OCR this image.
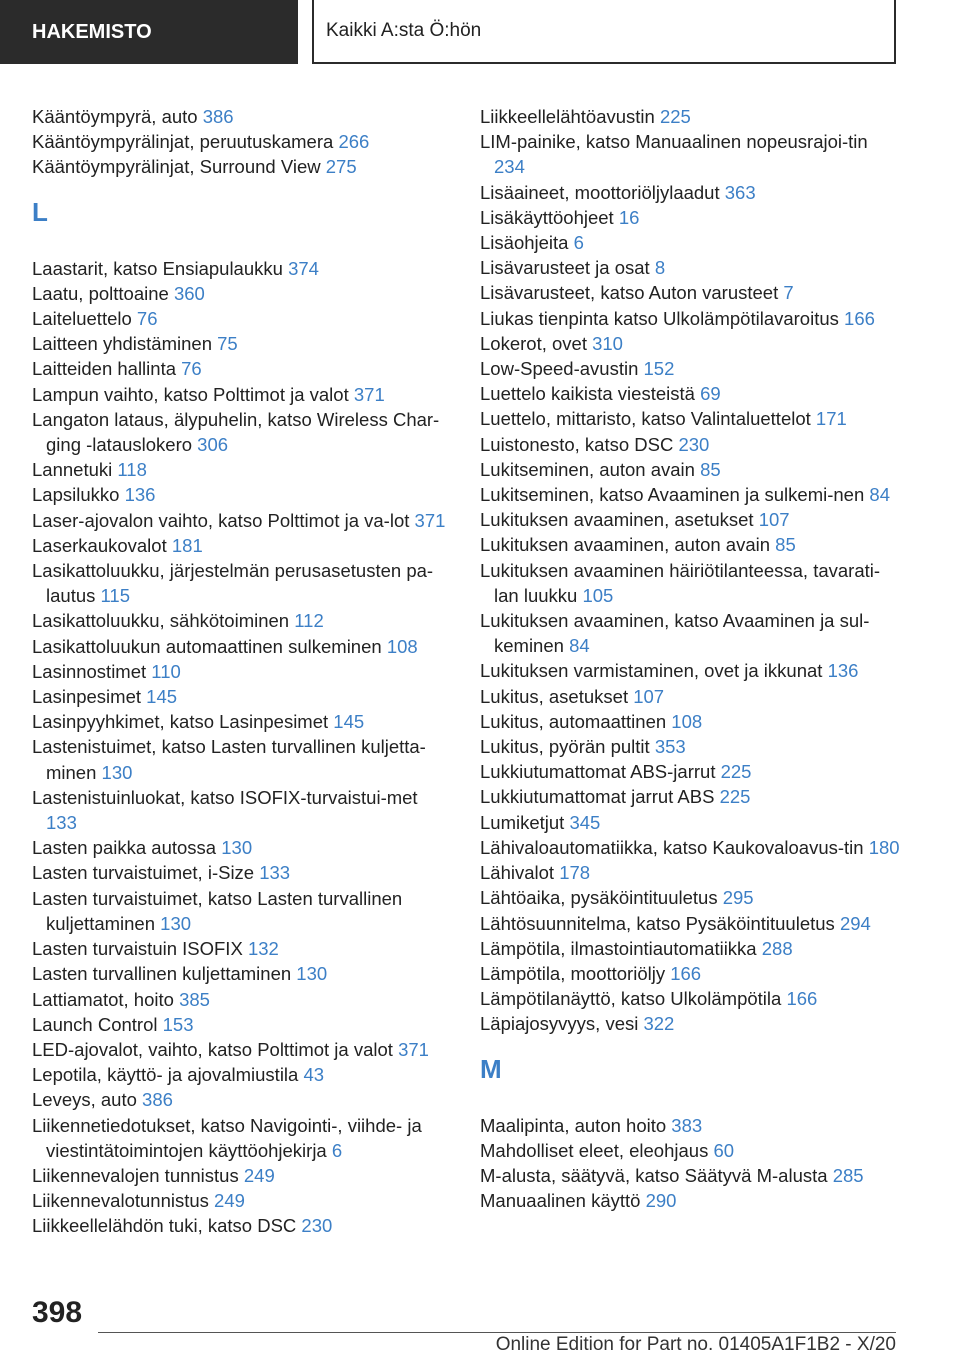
HAKEMISTO	Kaikki A:sta Ö:hön
Kääntöympyrä, auto 386
Kääntöympyrälinjat, peruutuskamera 266
Kääntöympyrälinjat, Surround View 275
L
Laastarit, katso Ensiapulaukku 374
Laatu, polttoaine 360
Laiteluettelo 76
Laitteen yhdistäminen 75
Laitteiden hallinta 76
Lampun vaihto, katso Polttimot ja valot 371
Langaton lataus, älypuhelin, katso Wireless Char-ging -latauslokero 306
Lannetuki 118
Lapsilukko 136
Laser-ajovalon vaihto, katso Polttimot ja va-lot 371
Laserkaukovalot 181
Lasikattoluukku, järjestelmän perusasetusten pa-lautus 115
Lasikattoluukku, sähkötoiminen 112
Lasikattoluukun automaattinen sulkeminen 108
Lasinnostimet 110
Lasinpesimet 145
Lasinpyyhkimet, katso Lasinpesimet 145
Lastenistuimet, katso Lasten turvallinen kuljetta-minen 130
Lastenistuinluokat, katso ISOFIX-turvaistui-met 133
Lasten paikka autossa 130
Lasten turvaistuimet, i-Size 133
Lasten turvaistuimet, katso Lasten turvallinen kuljettaminen 130
Lasten turvaistuin ISOFIX 132
Lasten turvallinen kuljettaminen 130
Lattiamatot, hoito 385
Launch Control 153
LED-ajovalot, vaihto, katso Polttimot ja valot 371
Lepotila, käyttö- ja ajovalmiustila 43
Leveys, auto 386
Liikennetiedotukset, katso Navigointi-, viihde- ja viestintätoimintojen käyttöohjekirja 6
Liikennevalojen tunnistus 249
Liikennevalotunnistus 249
Liikkeellelähdön tuki, katso DSC 230
Liikkeellelähtöavustin 225
LIM-painike, katso Manuaalinen nopeusrajoi-tin 234
Lisäaineet, moottoriöljylaadut 363
Lisäkäyttöohjeet 16
Lisäohjeita 6
Lisävarusteet ja osat 8
Lisävarusteet, katso Auton varusteet 7
Liukas tienpinta katso Ulkolämpötilavaroitus 166
Lokerot, ovet 310
Low-Speed-avustin 152
Luettelo kaikista viesteistä 69
Luettelo, mittaristo, katso Valintaluettelot 171
Luistonesto, katso DSC 230
Lukitseminen, auton avain 85
Lukitseminen, katso Avaaminen ja sulkemi-nen 84
Lukituksen avaaminen, asetukset 107
Lukituksen avaaminen, auton avain 85
Lukituksen avaaminen häiriötilanteessa, tavarati-lan luukku 105
Lukituksen avaaminen, katso Avaaminen ja sul-keminen 84
Lukituksen varmistaminen, ovet ja ikkunat 136
Lukitus, asetukset 107
Lukitus, automaattinen 108
Lukitus, pyörän pultit 353
Lukkiutumattomat ABS-jarrut 225
Lukkiutumattomat jarrut ABS 225
Lumiketjut 345
Lähivaloautomatiikka, katso Kaukovaloavus-tin 180
Lähivalot 178
Lähtöaika, pysäköintituuletus 295
Lähtösuunnitelma, katso Pysäköintituuletus 294
Lämpötila, ilmastointiautomatiikka 288
Lämpötila, moottoriöljy 166
Lämpötilanäyttö, katso Ulkolämpötila 166
Läpiajosyvyys, vesi 322
M
Maalipinta, auton hoito 383
Mahdolliset eleet, eleohjaus 60
M-alusta, säätyvä, katso Säätyvä M-alusta 285
Manuaalinen käyttö 290
398
Online Edition for Part no. 01405A1F1B2 - X/20
